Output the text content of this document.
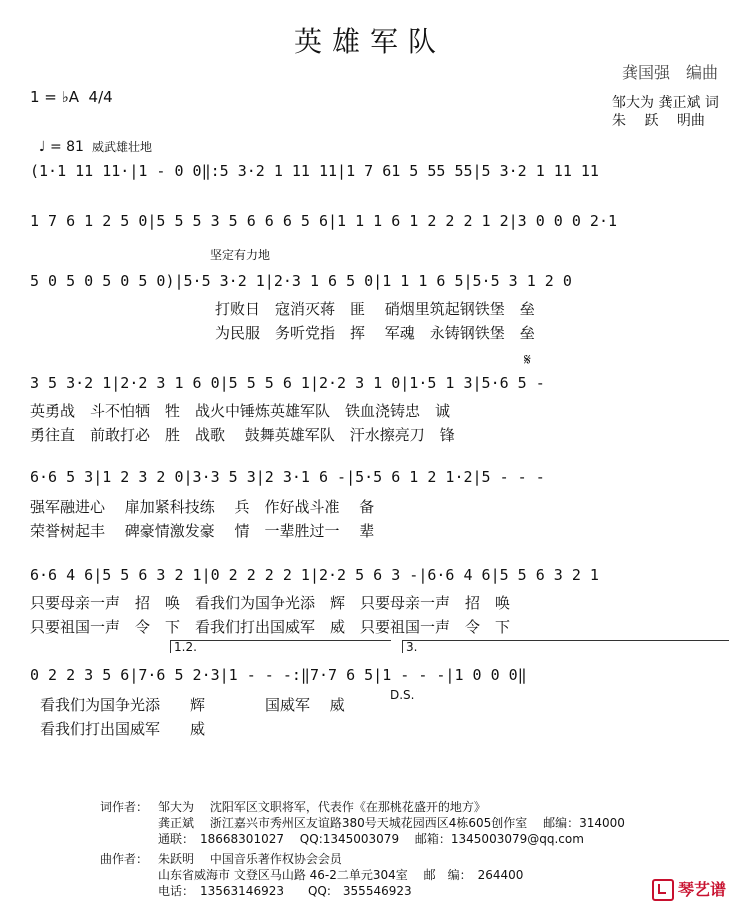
英雄军队
龚国强　编曲
邹大为 龚正斌 词
朱　 跃　 明曲
1 = ♭A  4/4

♩ = 81 威武雄壮地

(1·1 11 11·|1 - 0 0‖:5 3·2 1 11 11|1 7 61 5 55 55|5 3·2 1 11 11
1 7 6 1 2 5 0|5 5 5 3 5 6 6 6 5 6|1 1 1 6 1 2 2 2 1 2|3 0 0 0 2·1
坚定有力地
5 0 5 0 5 0 5 0)|5·5 3·2 1|2·3 1 6 5 0|1 1 1 6 5|5·5 3 1 2 0
打败日　寇消灭蒋　匪　 硝烟里筑起钢铁堡　垒
为民服　务听党指　挥　 军魂　永铸钢铁堡　垒
𝄋
3 5 3·2 1|2·2 3 1 6 0|5 5 5 6 1|2·2 3 1 0|1·5 1 3|5·6 5 -
英勇战　斗不怕牺　牲　战火中锤炼英雄军队　铁血浇铸忠　诚
勇往直　前敢打必　胜　战歌　 鼓舞英雄军队　汗水擦亮刀　锋
6·6 5 3|1 2 3 2 0|3·3 5 3|2 3·1 6 -|5·5 6 1 2 1·2|5 - - -
强军融进心　 扉加紧科技练　 兵　作好战斗准　 备
荣誉树起丰　 碑豪情激发豪　 情　一辈胜过一　 辈
6·6 4 6|5 5 6 3 2 1|0 2 2 2 2 1|2·2 5 6 3 -|6·6 4 6|5 5 6 3 2 1
只要母亲一声　招　唤　看我们为国争光添　辉　只要母亲一声　招　唤
只要祖国一声　令　下　看我们打出国威军　威　只要祖国一声　令　下
1.2.	3.
0 2 2 3 5 6|7·6 5 2·3|1 - - -:‖7·7 6 5|1 - - -|1 0 0 0‖
D.S.
看我们为国争光添　　辉　　　　国威军　 威
看我们打出国威军　　威
词作者： 邹大为　 沈阳军区文职将军，代表作《在那桃花盛开的地方》
龚正斌　 浙江嘉兴市秀州区友谊路380号天城花园西区4栋605创作室　 邮编：314000
通联：　18668301027　 QQ:1345003079　 邮箱：1345003079@qq.com
曲作者： 朱跃明　 中国音乐著作权协会会员
山东省威海市 文登区马山路 46-2二单元304室　 邮　编：　264400
电话：　13563146923　　QQ:　355546923	琴艺谱
